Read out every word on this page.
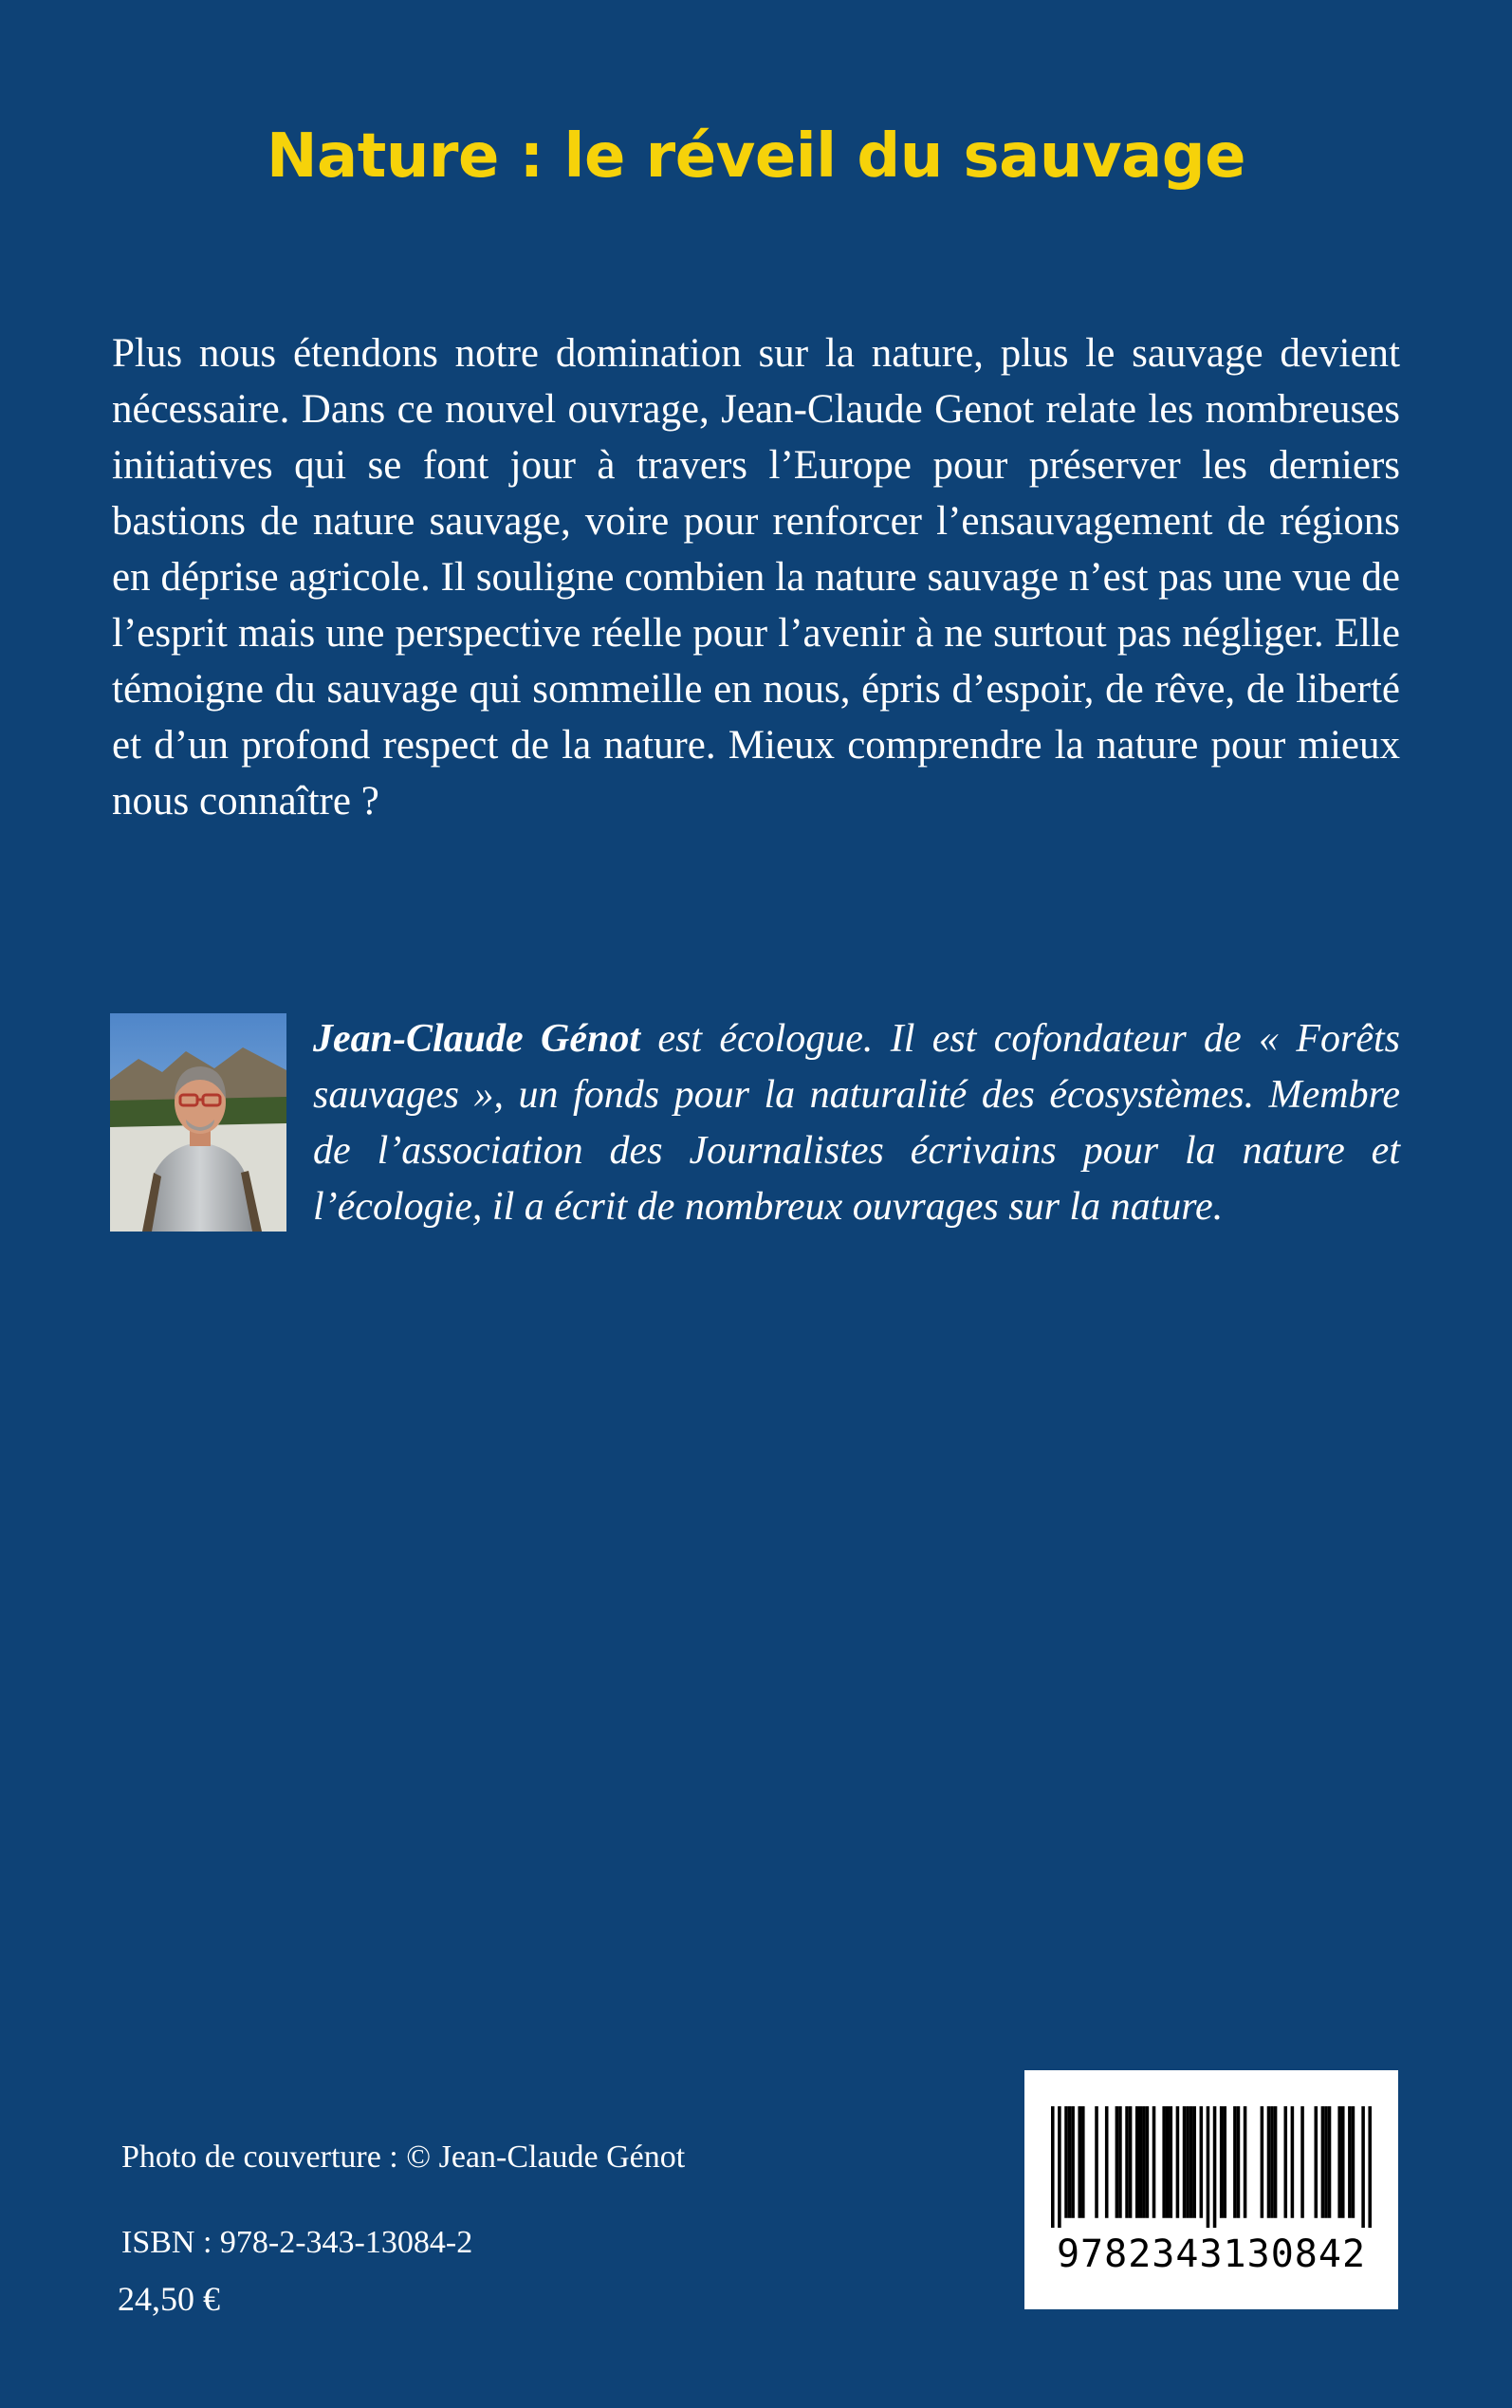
Nature : le réveil du sauvage

Plus nous étendons notre domination sur la nature, plus le sauvage devient nécessaire. Dans ce nouvel ouvrage, Jean-Claude Genot relate les nombreuses initiatives qui se font jour à travers l’Europe pour préserver les derniers bastions de nature sauvage, voire pour renforcer l’ensauvagement de régions en déprise agricole. Il souligne combien la nature sauvage n’est pas une vue de l’esprit mais une perspective réelle pour l’avenir à ne surtout pas négliger. Elle témoigne du sauvage qui sommeille en nous, épris d’espoir, de rêve, de liberté et d’un profond respect de la nature. Mieux comprendre la nature pour mieux nous connaître ?

Jean-Claude Génot est écologue. Il est cofondateur de « Forêts sauvages », un fonds pour la naturalité des écosystèmes. Membre de l’association des Journalistes écrivains pour la nature et l’écologie, il a écrit de nombreux ouvrages sur la nature.

Photo de couverture : © Jean-Claude Génot
ISBN : 978-2-343-13084-2
24,50 €
9782343130842
